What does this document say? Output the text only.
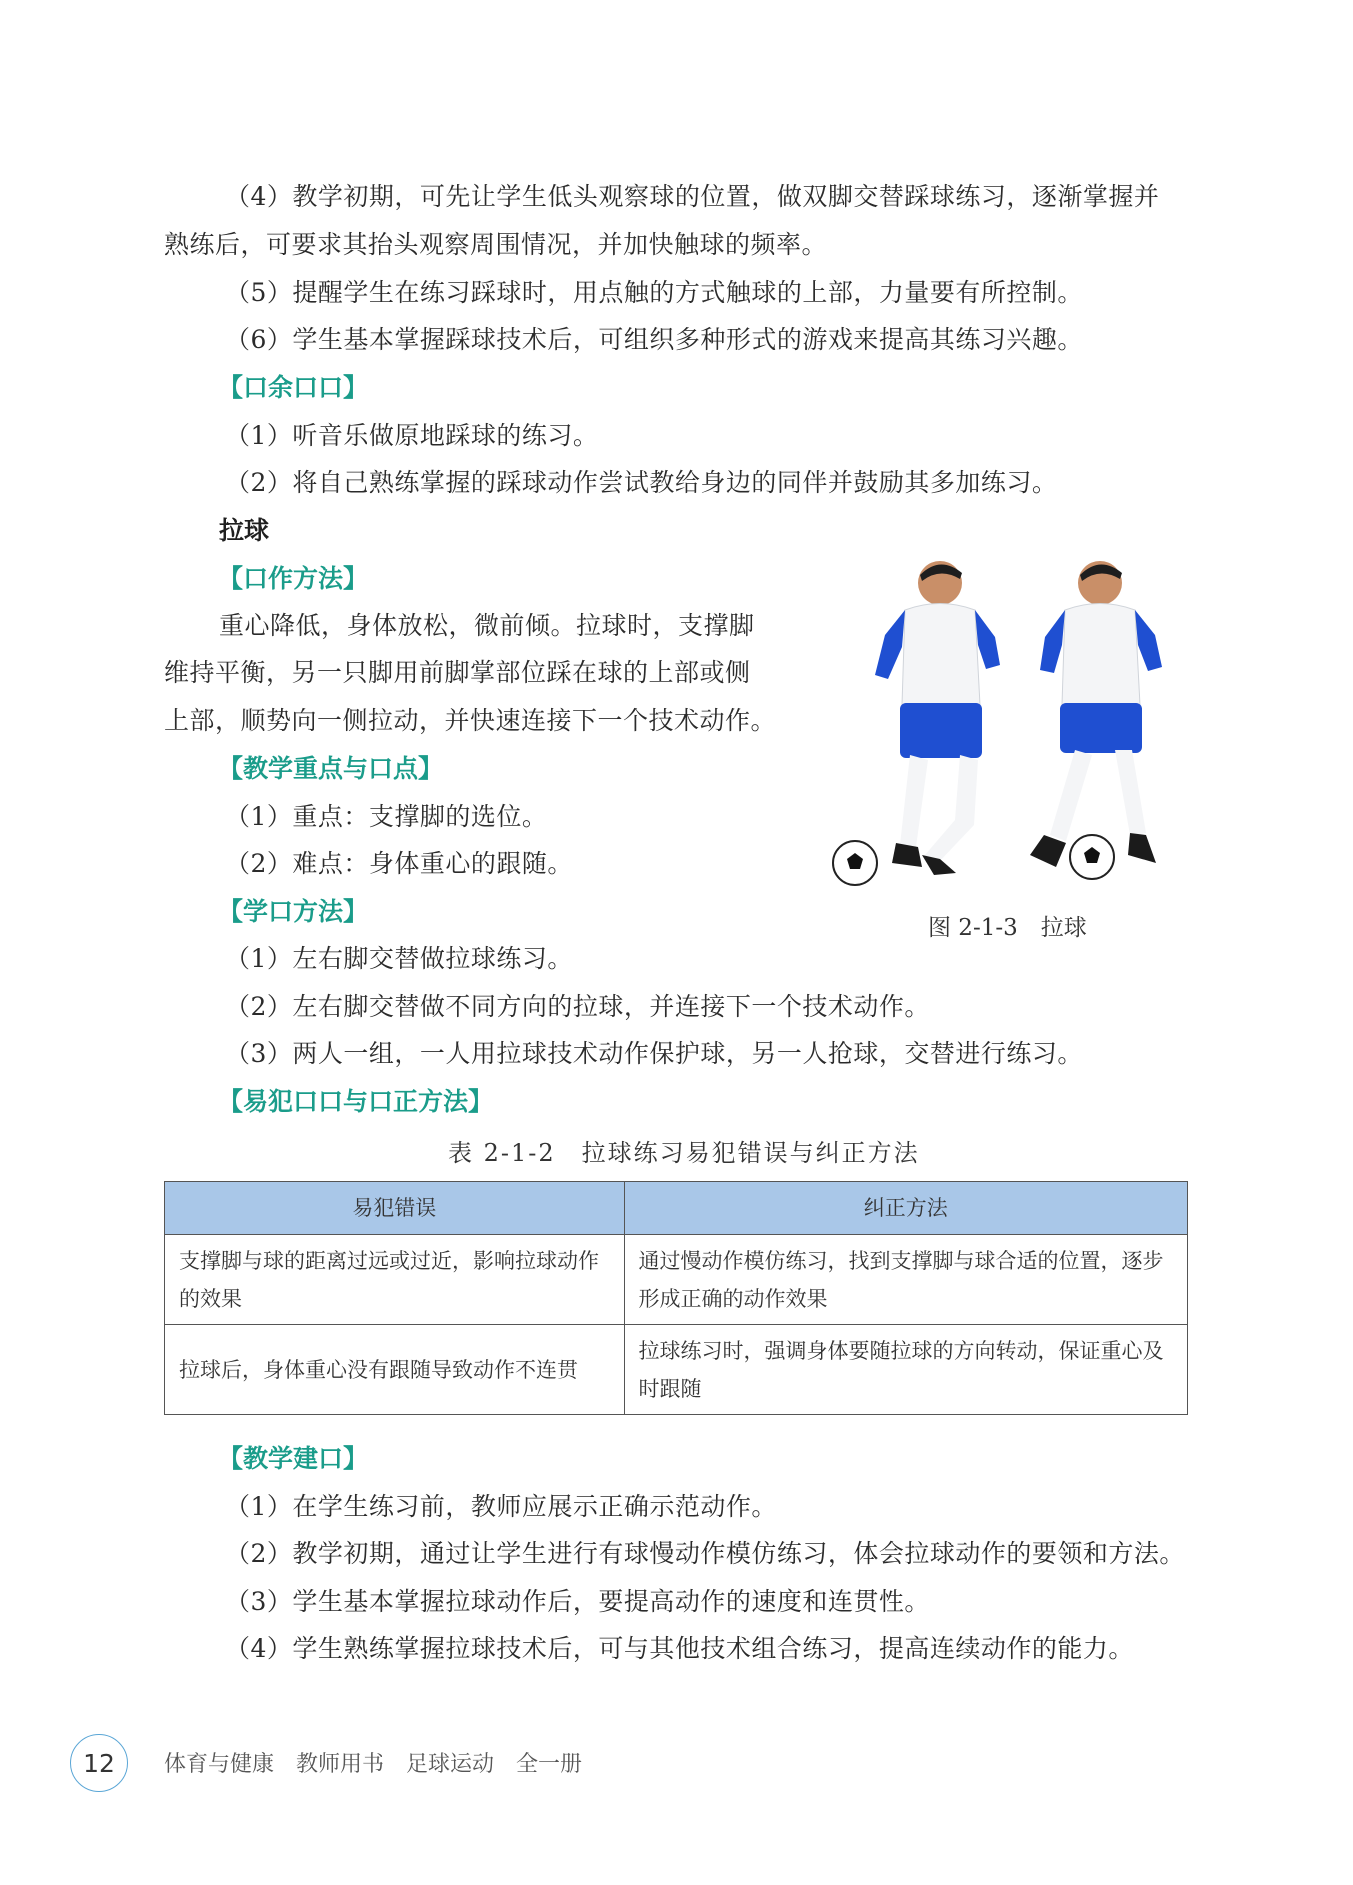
（4）教学初期，可先让学生低头观察球的位置，做双脚交替踩球练习，逐渐掌握并
熟练后，可要求其抬头观察周围情况，并加快触球的频率。
（5）提醒学生在练习踩球时，用点触的方式触球的上部，力量要有所控制。
（6）学生基本掌握踩球技术后，可组织多种形式的游戏来提高其练习兴趣。
【口余口口】
（1）听音乐做原地踩球的练习。
（2）将自己熟练掌握的踩球动作尝试教给身边的同伴并鼓励其多加练习。
拉球
【口作方法】
重心降低，身体放松，微前倾。拉球时，支撑脚
维持平衡，另一只脚用前脚掌部位踩在球的上部或侧
上部，顺势向一侧拉动，并快速连接下一个技术动作。
【教学重点与口点】
（1）重点：支撑脚的选位。
（2）难点：身体重心的跟随。
【学口方法】
（1）左右脚交替做拉球练习。
（2）左右脚交替做不同方向的拉球，并连接下一个技术动作。
（3）两人一组，一人用拉球技术动作保护球，另一人抢球，交替进行练习。
图 2-1-3　拉球
【易犯口口与口正方法】
表 2-1-2　拉球练习易犯错误与纠正方法
易犯错误	纠正方法
支撑脚与球的距离过远或过近，影响拉球动作的效果	通过慢动作模仿练习，找到支撑脚与球合适的位置，逐步形成正确的动作效果
拉球后，身体重心没有跟随导致动作不连贯	拉球练习时，强调身体要随拉球的方向转动，保证重心及时跟随
【教学建口】
（1）在学生练习前，教师应展示正确示范动作。
（2）教学初期，通过让学生进行有球慢动作模仿练习，体会拉球动作的要领和方法。
（3）学生基本掌握拉球动作后，要提高动作的速度和连贯性。
（4）学生熟练掌握拉球技术后，可与其他技术组合练习，提高连续动作的能力。
12	体育与健康 教师用书 足球运动 全一册
